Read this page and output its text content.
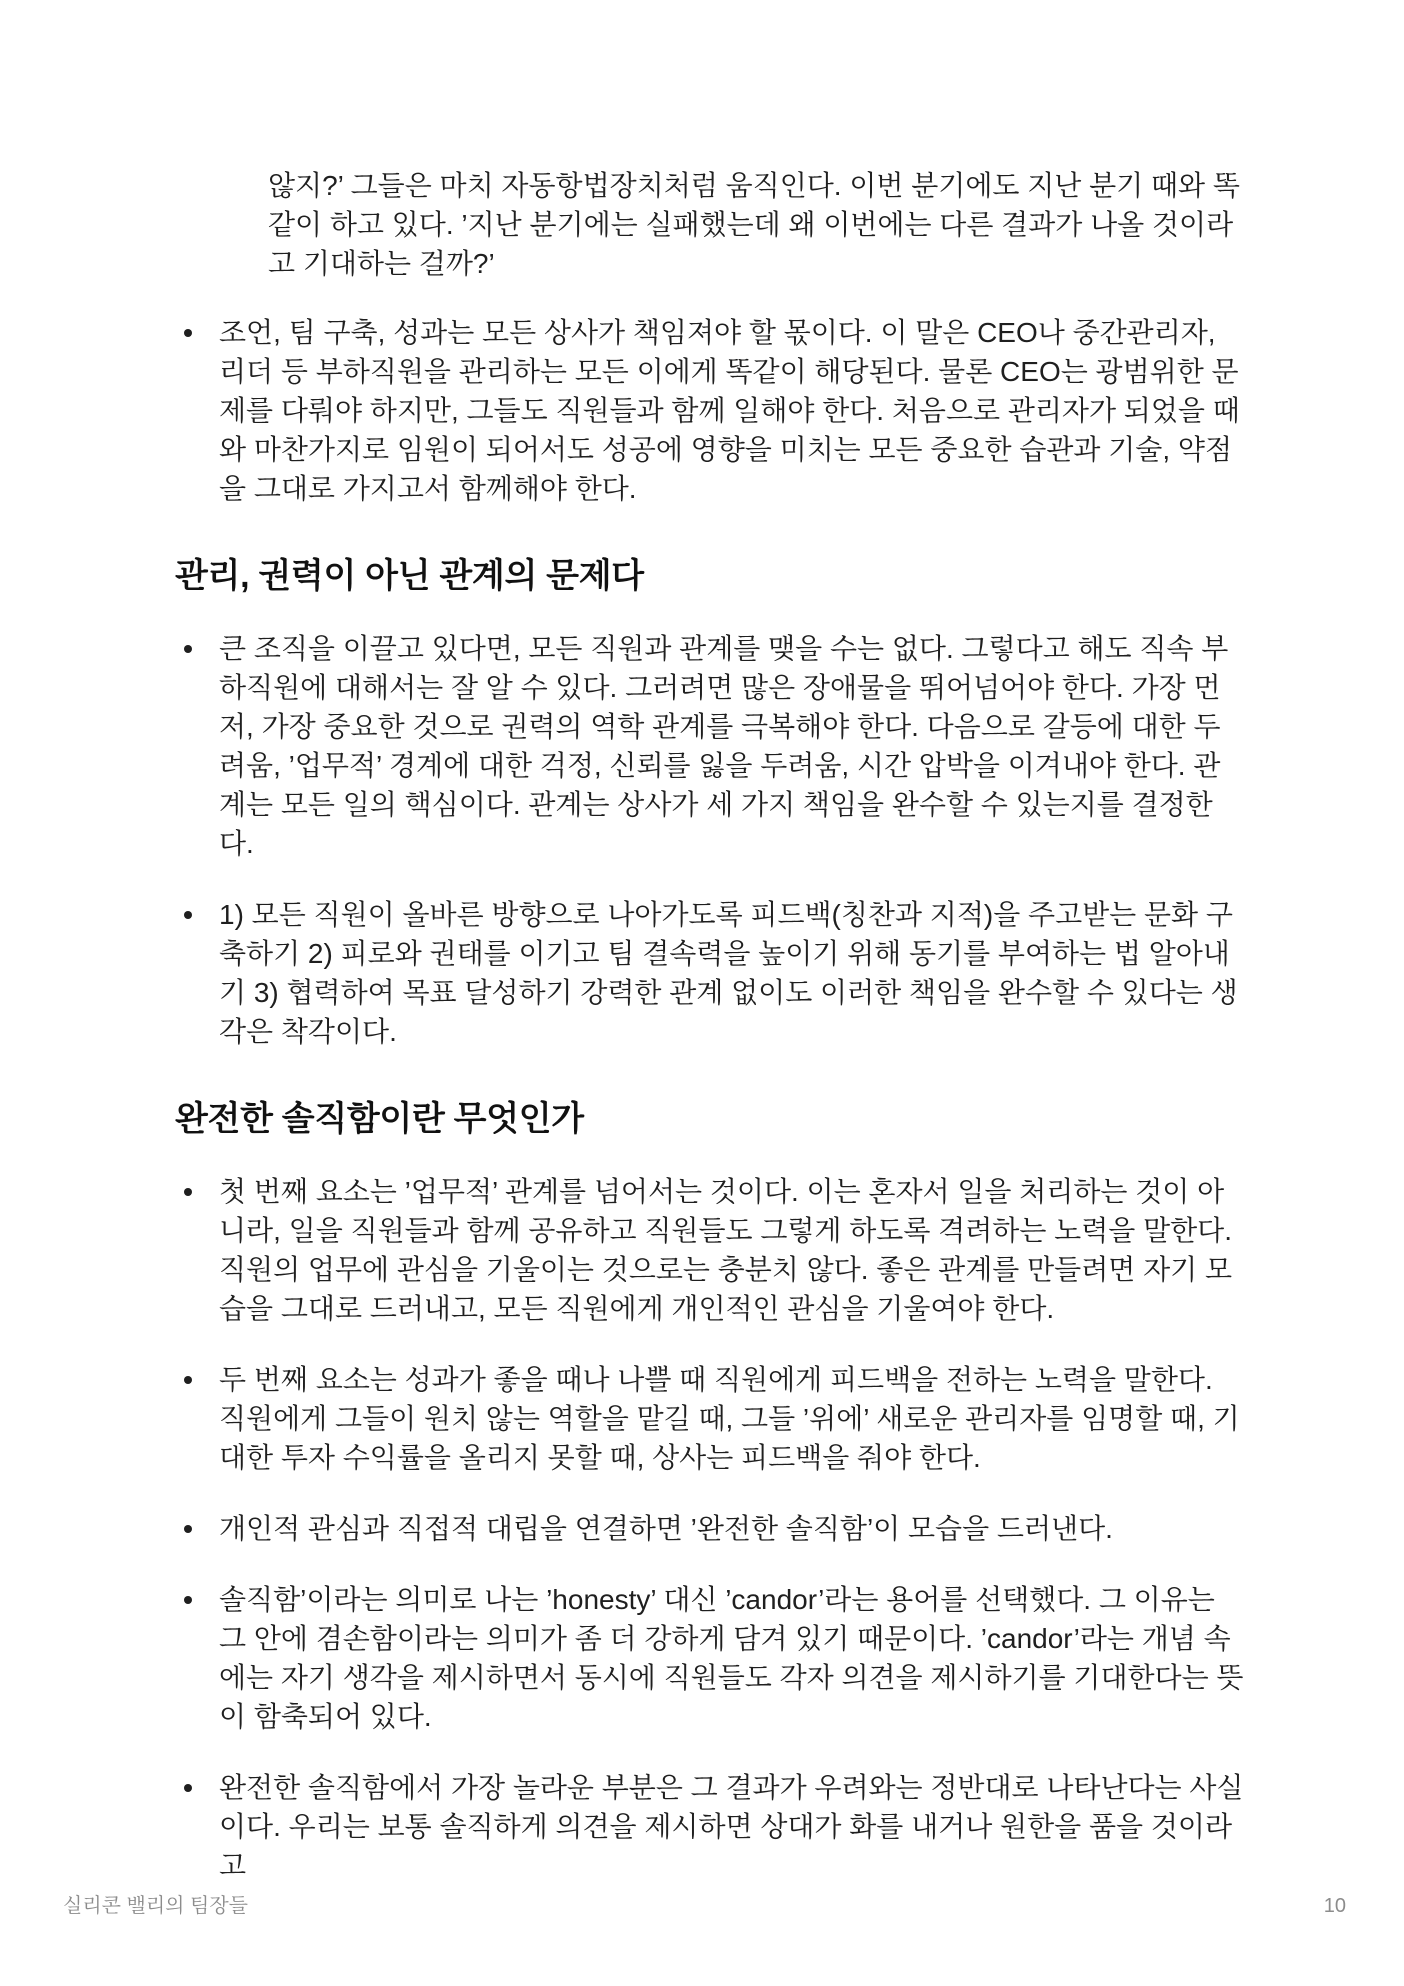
않지?’ 그들은 마치 자동항법장치처럼 움직인다. 이번 분기에도 지난 분기 때와 똑같이 하고 있다. ’지난 분기에는 실패했는데 왜 이번에는 다른 결과가 나올 것이라고 기대하는 걸까?’

조언, 팀 구축, 성과는 모든 상사가 책임져야 할 몫이다. 이 말은 CEO나 중간관리자, 리더 등 부하직원을 관리하는 모든 이에게 똑같이 해당된다. 물론 CEO는 광범위한 문제를 다뤄야 하지만, 그들도 직원들과 함께 일해야 한다. 처음으로 관리자가 되었을 때와 마찬가지로 임원이 되어서도 성공에 영향을 미치는 모든 중요한 습관과 기술, 약점을 그대로 가지고서 함께해야 한다.
관리, 권력이 아닌 관계의 문제다
큰 조직을 이끌고 있다면, 모든 직원과 관계를 맺을 수는 없다. 그렇다고 해도 직속 부하직원에 대해서는 잘 알 수 있다. 그러려면 많은 장애물을 뛰어넘어야 한다. 가장 먼저, 가장 중요한 것으로 권력의 역학 관계를 극복해야 한다. 다음으로 갈등에 대한 두려움, ’업무적’ 경계에 대한 걱정, 신뢰를 잃을 두려움, 시간 압박을 이겨내야 한다. 관계는 모든 일의 핵심이다. 관계는 상사가 세 가지 책임을 완수할 수 있는지를 결정한다.
1) 모든 직원이 올바른 방향으로 나아가도록 피드백(칭찬과 지적)을 주고받는 문화 구축하기 2) 피로와 권태를 이기고 팀 결속력을 높이기 위해 동기를 부여하는 법 알아내기 3) 협력하여 목표 달성하기 강력한 관계 없이도 이러한 책임을 완수할 수 있다는 생각은 착각이다.
완전한 솔직함이란 무엇인가
첫 번째 요소는 ’업무적’ 관계를 넘어서는 것이다. 이는 혼자서 일을 처리하는 것이 아니라, 일을 직원들과 함께 공유하고 직원들도 그렇게 하도록 격려하는 노력을 말한다. 직원의 업무에 관심을 기울이는 것으로는 충분치 않다. 좋은 관계를 만들려면 자기 모습을 그대로 드러내고, 모든 직원에게 개인적인 관심을 기울여야 한다.
두 번째 요소는 성과가 좋을 때나 나쁠 때 직원에게 피드백을 전하는 노력을 말한다. 직원에게 그들이 원치 않는 역할을 맡길 때, 그들 ’위에’ 새로운 관리자를 임명할 때, 기대한 투자 수익률을 올리지 못할 때, 상사는 피드백을 줘야 한다.
개인적 관심과 직접적 대립을 연결하면 ’완전한 솔직함’이 모습을 드러낸다.
솔직함’이라는 의미로 나는 ’honesty’ 대신 ’candor’라는 용어를 선택했다. 그 이유는 그 안에 겸손함이라는 의미가 좀 더 강하게 담겨 있기 때문이다. ’candor’라는 개념 속에는 자기 생각을 제시하면서 동시에 직원들도 각자 의견을 제시하기를 기대한다는 뜻이 함축되어 있다.
완전한 솔직함에서 가장 놀라운 부분은 그 결과가 우려와는 정반대로 나타난다는 사실이다. 우리는 보통 솔직하게 의견을 제시하면 상대가 화를 내거나 원한을 품을 것이라고
실리콘 밸리의 팀장들	10
